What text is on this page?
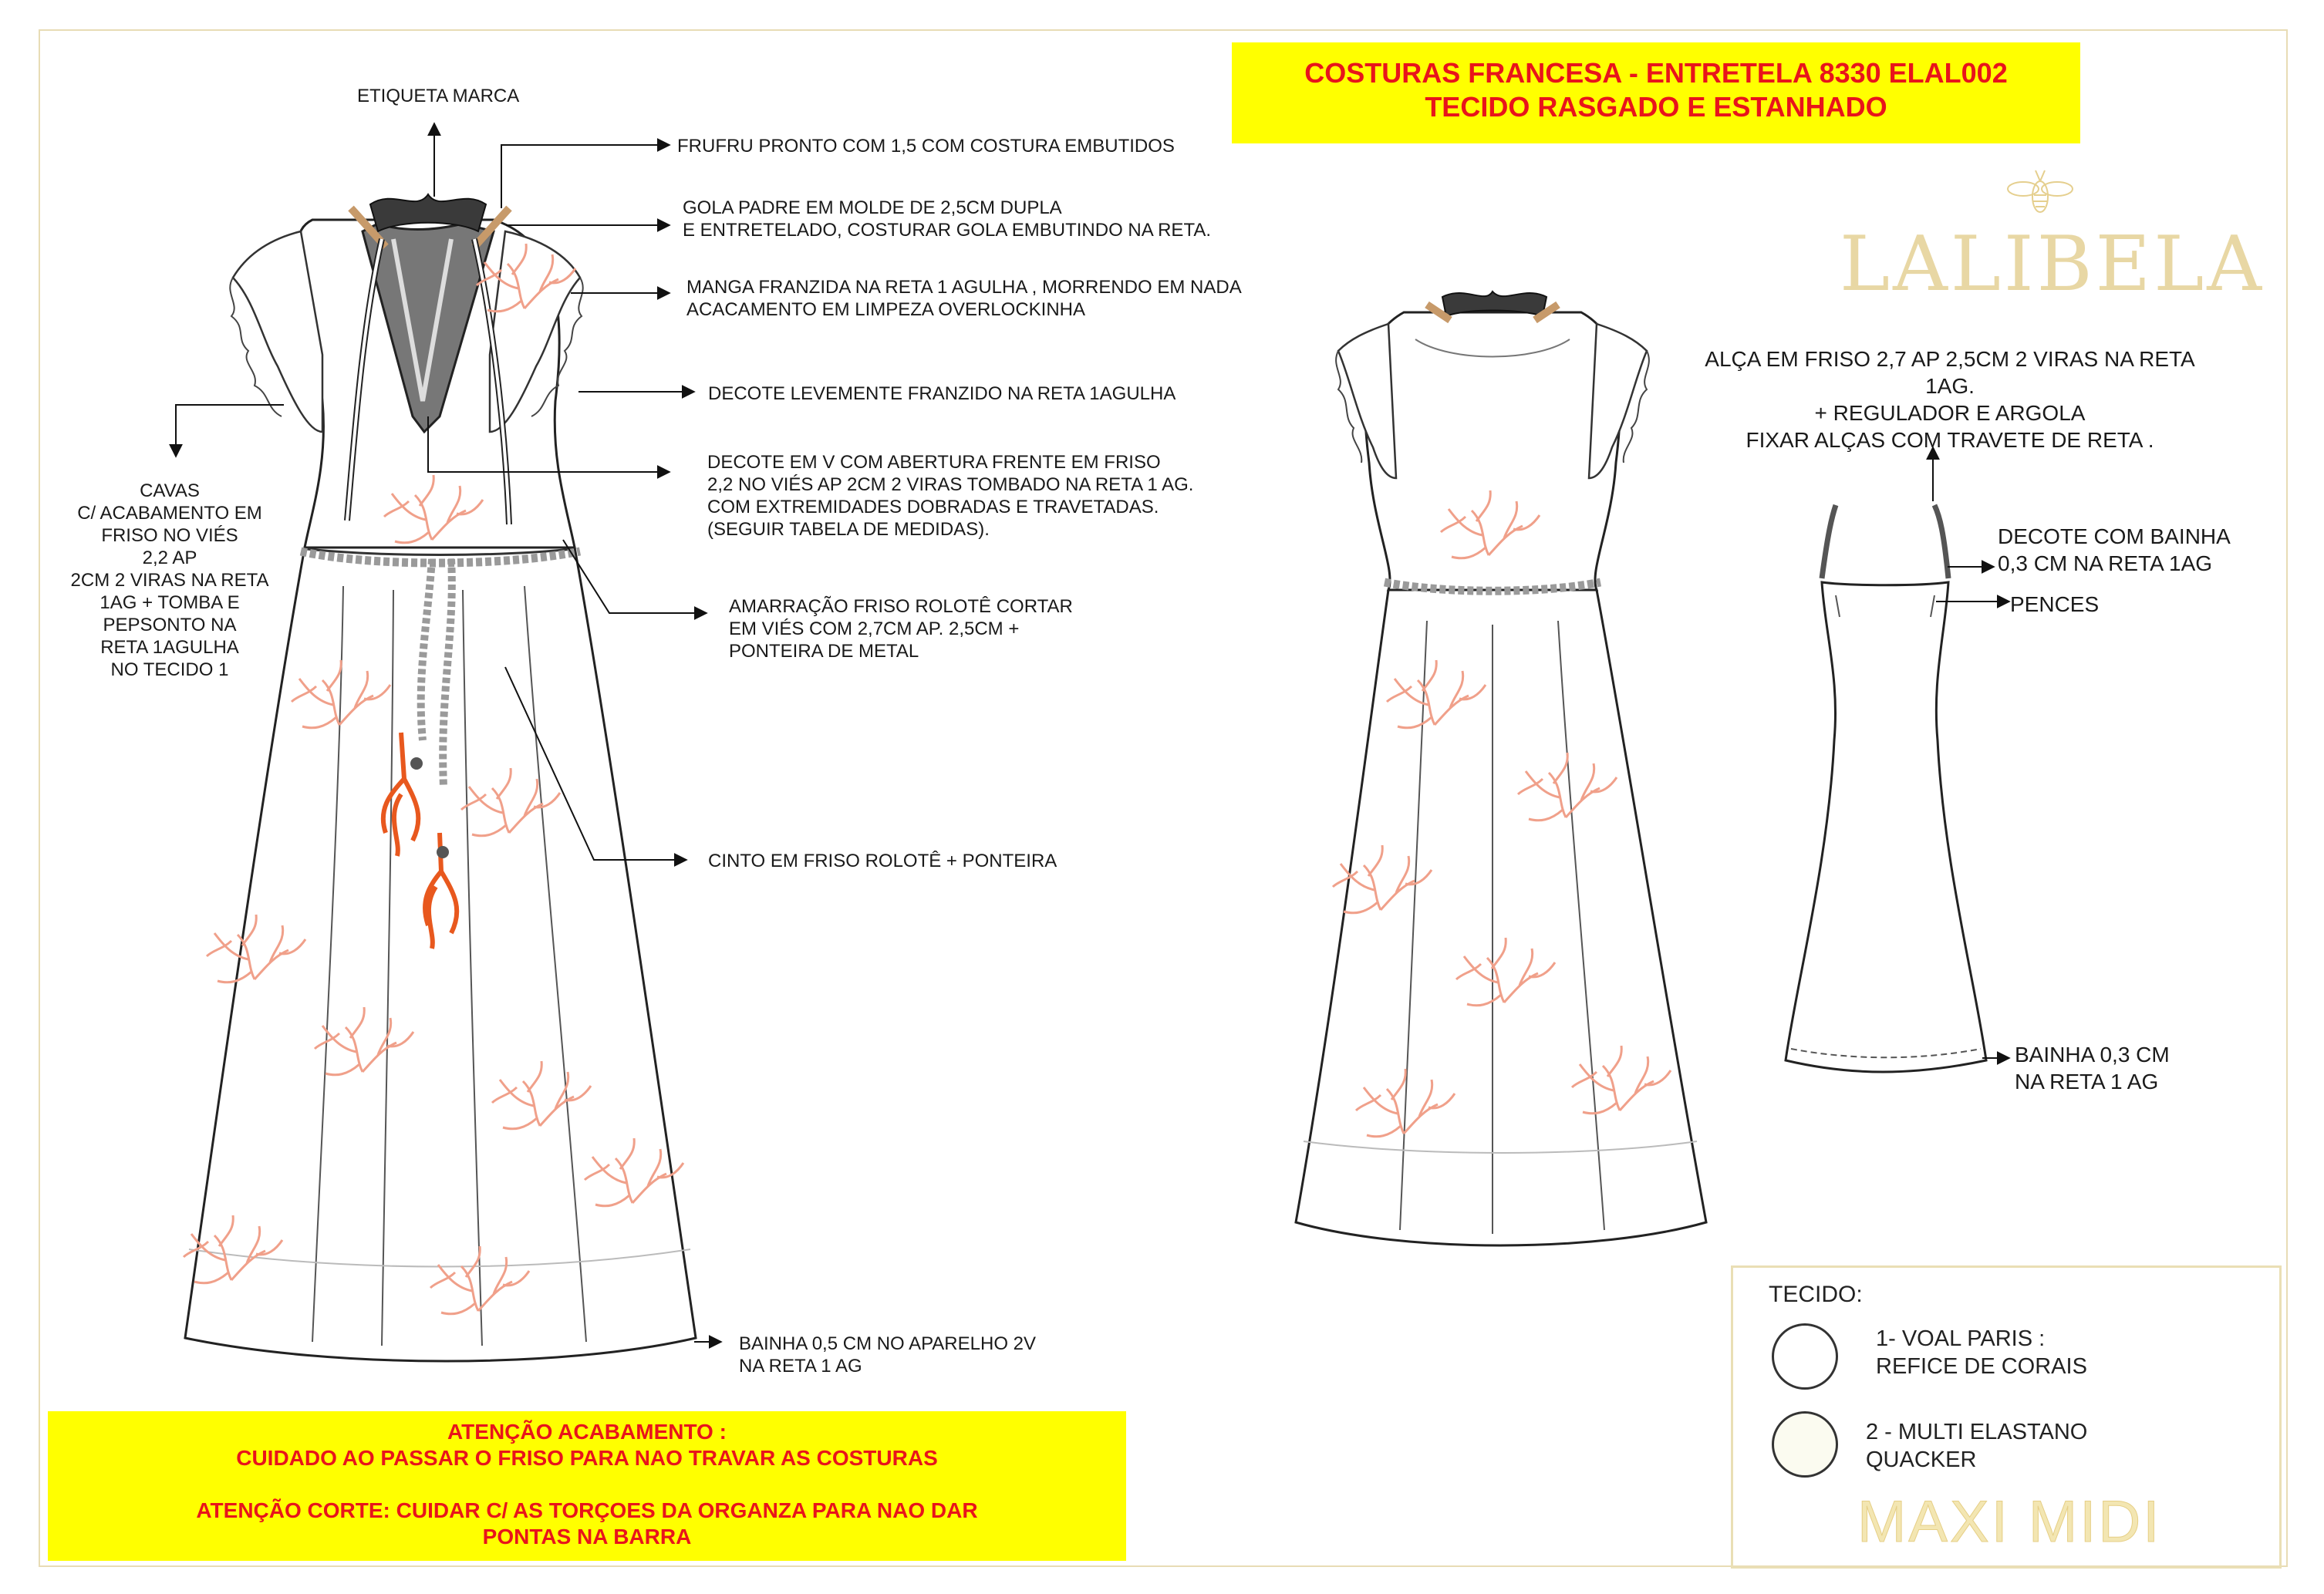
COSTURAS FRANCESA - ENTRETELA 8330 ELAL002
TECIDO RASGADO E ESTANHADO
LALIBELA
ETIQUETA MARCA
FRUFRU PRONTO COM 1,5 COM COSTURA EMBUTIDOS
GOLA PADRE EM MOLDE DE 2,5CM DUPLA
E ENTRETELADO, COSTURAR GOLA EMBUTINDO NA RETA.
MANGA FRANZIDA NA RETA 1 AGULHA , MORRENDO EM NADA
ACACAMENTO EM LIMPEZA OVERLOCKINHA
DECOTE LEVEMENTE FRANZIDO NA RETA 1AGULHA
DECOTE EM V COM ABERTURA FRENTE EM FRISO
2,2 NO VIÉS AP 2CM 2 VIRAS TOMBADO NA RETA 1 AG.
COM EXTREMIDADES DOBRADAS E TRAVETADAS.
(SEGUIR TABELA DE MEDIDAS).
CAVAS
C/ ACABAMENTO EM
FRISO NO VIÉS
2,2 AP
2CM 2 VIRAS NA RETA
1AG + TOMBA E
PEPSONTO NA
RETA 1AGULHA
NO TECIDO 1
AMARRAÇÃO FRISO ROLOTÊ CORTAR
EM VIÉS COM 2,7CM AP. 2,5CM +
PONTEIRA DE METAL
CINTO EM FRISO ROLOTÊ + PONTEIRA
BAINHA 0,5 CM NO APARELHO 2V
NA RETA 1 AG
ALÇA EM FRISO 2,7 AP 2,5CM 2 VIRAS NA RETA 1AG.
+ REGULADOR E ARGOLA
FIXAR ALÇAS COM TRAVETE DE RETA .
DECOTE COM BAINHA
0,3 CM NA RETA 1AG
PENCES
BAINHA 0,3 CM
NA RETA 1 AG
ATENÇÃO ACABAMENTO :
CUIDADO AO PASSAR O FRISO PARA NAO TRAVAR AS COSTURAS
ATENÇÃO CORTE: CUIDAR C/ AS TORÇOES DA ORGANZA PARA NAO DAR
PONTAS NA BARRA
TECIDO:
1- VOAL PARIS :
REFICE DE CORAIS
2 - MULTI ELASTANO
QUACKER
MAXI MIDI
